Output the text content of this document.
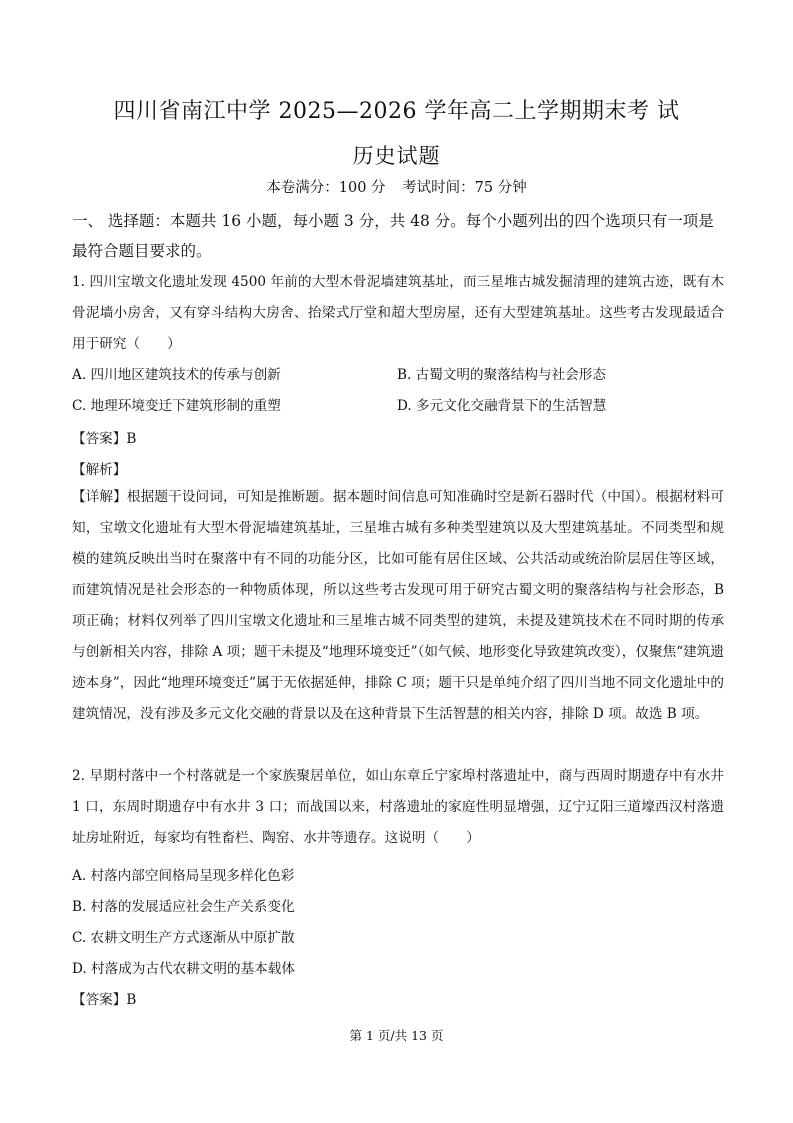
四川省南江中学 2025—2026 学年高二上学期期末考 试
历史试题
本卷满分：100 分 考试时间：75 分钟
一、 选择题：本题共 16 小题，每小题 3 分，共 48 分。每个小题列出的四个选项只有一项是最符合题目要求的。
1. 四川宝墩文化遗址发现 4500 年前的大型木骨泥墙建筑基址，而三星堆古城发掘清理的建筑古迹，既有木骨泥墙小房舍，又有穿斗结构大房舍、抬梁式厅堂和超大型房屋，还有大型建筑基址。这些考古发现最适合用于研究（　　）
A. 四川地区建筑技术的传承与创新	B. 古蜀文明的聚落结构与社会形态
C. 地理环境变迁下建筑形制的重塑	D. 多元文化交融背景下的生活智慧
【答案】B
【解析】
【详解】根据题干设问词，可知是推断题。据本题时间信息可知准确时空是新石器时代（中国）。根据材料可知，宝墩文化遗址有大型木骨泥墙建筑基址，三星堆古城有多种类型建筑以及大型建筑基址。不同类型和规模的建筑反映出当时在聚落中有不同的功能分区，比如可能有居住区域、公共活动或统治阶层居住等区域，而建筑情况是社会形态的一种物质体现，所以这些考古发现可用于研究古蜀文明的聚落结构与社会形态，B 项正确；材料仅列举了四川宝墩文化遗址和三星堆古城不同类型的建筑，未提及建筑技术在不同时期的传承与创新相关内容，排除 A 项；题干未提及“地理环境变迁”（如气候、地形变化导致建筑改变），仅聚焦“建筑遗迹本身”，因此“地理环境变迁”属于无依据延伸，排除 C 项；题干只是单纯介绍了四川当地不同文化遗址中的建筑情况，没有涉及多元文化交融的背景以及在这种背景下生活智慧的相关内容，排除 D 项。故选 B 项。
2. 早期村落中一个村落就是一个家族聚居单位，如山东章丘宁家埠村落遗址中，商与西周时期遗存中有水井 1 口，东周时期遗存中有水井 3 口；而战国以来，村落遗址的家庭性明显增强，辽宁辽阳三道壕西汉村落遗址房址附近，每家均有牲畜栏、陶窑、水井等遗存。这说明（　　）
A. 村落内部空间格局呈现多样化色彩
B. 村落的发展适应社会生产关系变化
C. 农耕文明生产方式逐渐从中原扩散
D. 村落成为古代农耕文明的基本载体
【答案】B
第 1 页/共 13 页
